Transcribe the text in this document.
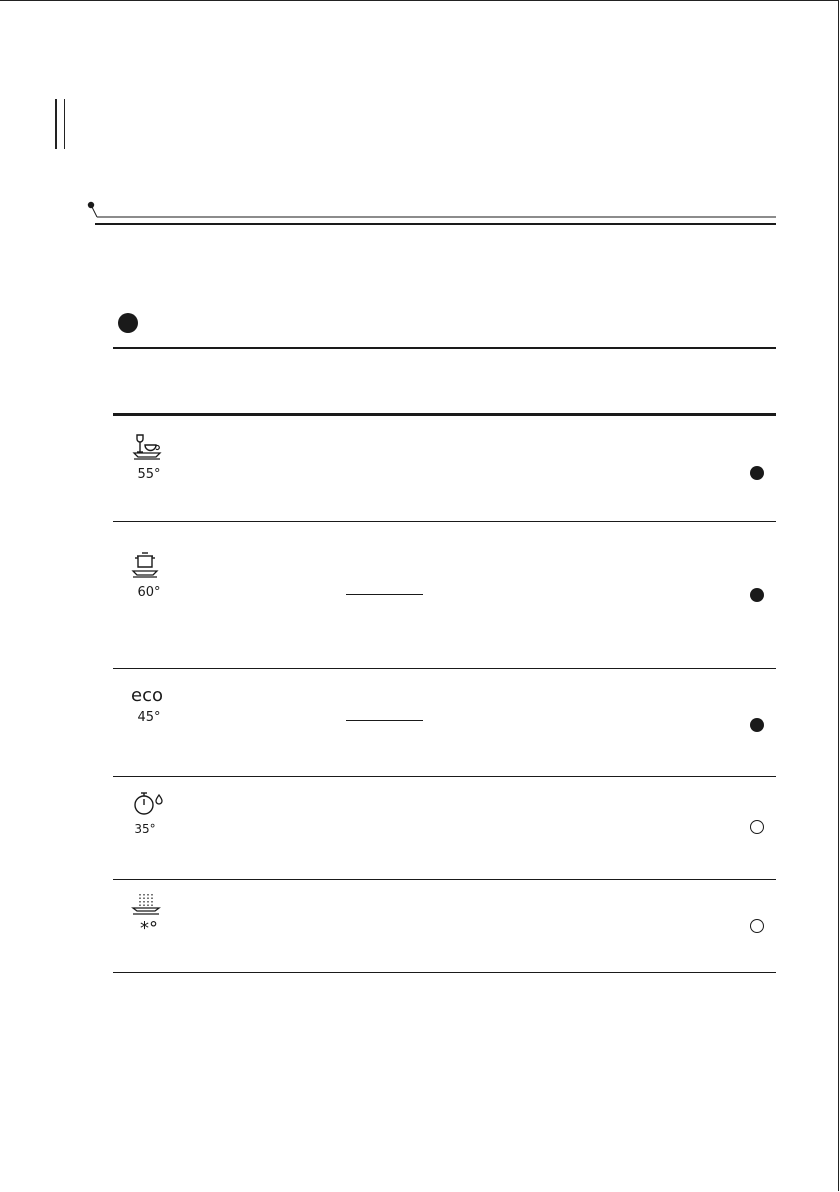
55°
60°
eco
45°
35°
*°
